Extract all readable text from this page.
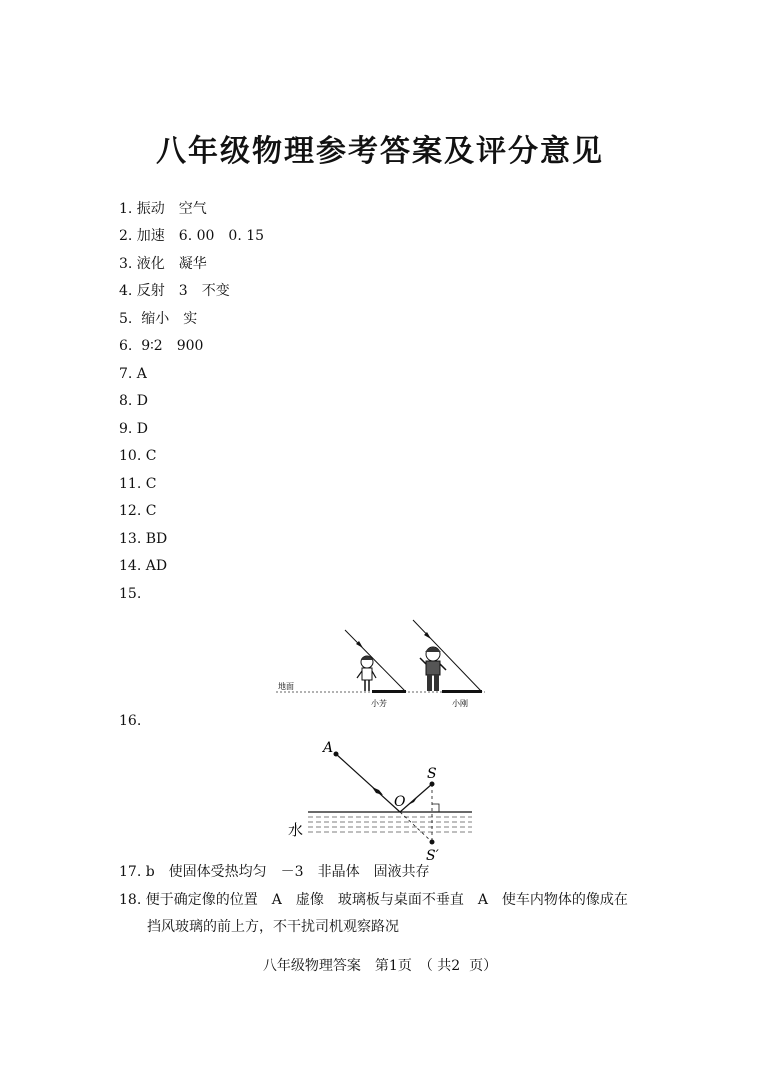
八年级物理参考答案及评分意见
1. 振动　空气
2. 加速　6. 00　0. 15
3. 液化　凝华
4. 反射　3　不变
5.  缩小　实
6.  9∶2　900
7. A
8. D
9. D
10. C
11. C
12. C
13. BD
14. AD
15.
地面
小芳	小刚
16.
A
O
S
S′
水
17. b　使固体受热均匀　－3　非晶体　固液共存
18. 便于确定像的位置　A　虚像　玻璃板与桌面不垂直　A　使车内物体的像成在
挡风玻璃的前上方，不干扰司机观察路况
八年级物理答案　第1页　（ 共2  页）
